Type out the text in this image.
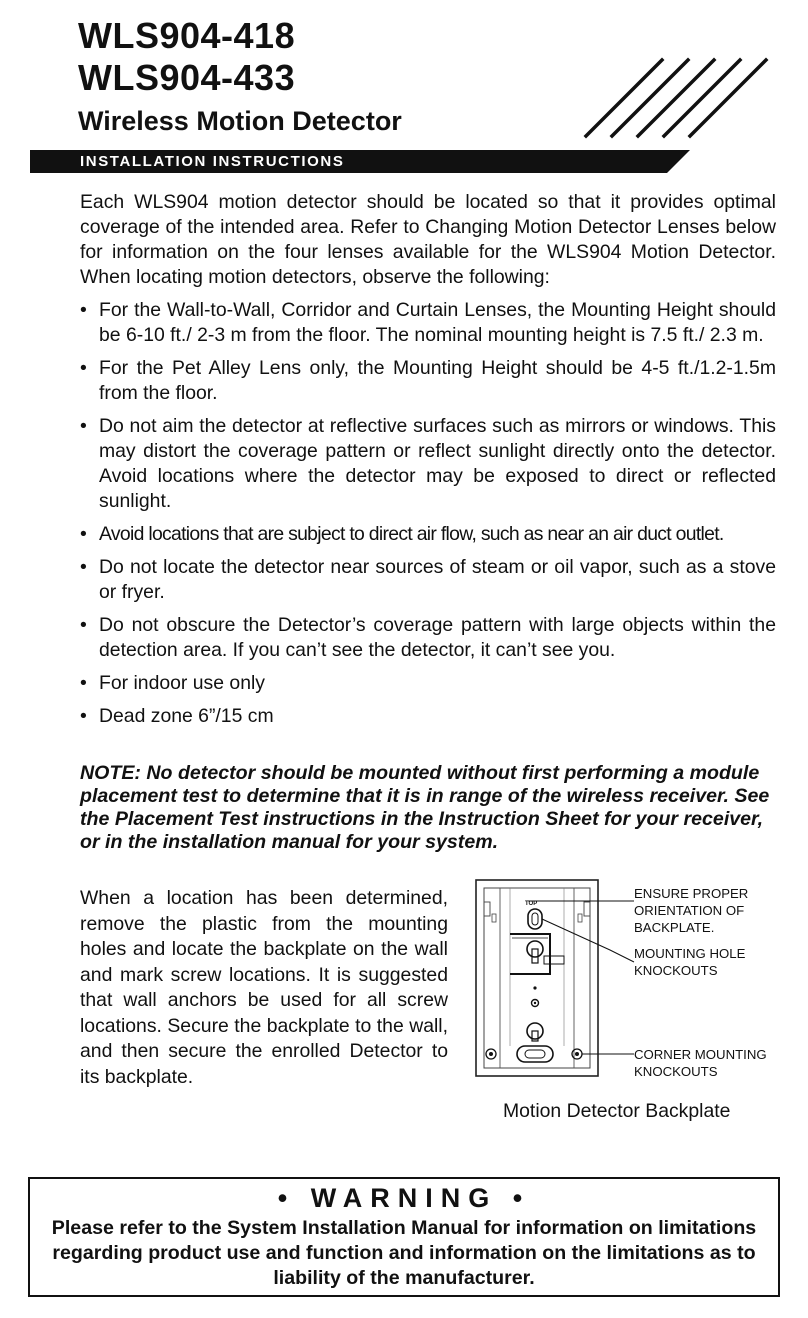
WLS904-418
WLS904-433
Wireless Motion Detector
INSTALLATION INSTRUCTIONS

Each WLS904 motion detector should be located so that it provides optimal coverage of the intended area. Refer to Changing Motion Detector Lenses below for information on the four lenses available for the WLS904 Motion Detector. When locating motion detectors, observe the following:

• For the Wall-to-Wall, Corridor and Curtain Lenses, the Mounting Height should be 6-10 ft./ 2-3 m from the floor. The nominal mounting height is 7.5 ft./ 2.3 m.
• For the Pet Alley Lens only, the Mounting Height should be 4-5 ft./1.2-1.5m from the floor.
• Do not aim the detector at reflective surfaces such as mirrors or windows. This may distort the coverage pattern or reflect sunlight directly onto the detector. Avoid locations where the detector may be exposed to direct or reflected sunlight.
• Avoid locations that are subject to direct air flow, such as near an air duct outlet.
• Do not locate the detector near sources of steam or oil vapor, such as a stove or fryer.
• Do not obscure the Detector’s coverage pattern with large objects within the detection area. If you can’t see the detector, it can’t see you.
• For indoor use only
• Dead zone 6”/15 cm
NOTE: No detector should be mounted without first performing a module placement test to determine that it is in range of the wireless receiver. See the Placement Test instructions in the Instruction Sheet for your receiver, or in the installation manual for your system.

When a location has been determined, remove the plastic from the mounting holes and locate the backplate on the wall and mark screw locations. It is suggested that wall anchors be used for all screw locations. Secure the backplate to the wall, and then secure the enrolled Detector to its backplate.

TOP
ENSURE PROPER ORIENTATION OF BACKPLATE.
MOUNTING HOLE KNOCKOUTS
CORNER MOUNTING KNOCKOUTS
Motion Detector Backplate
• WARNING •
Please refer to the System Installation Manual for information on limitations regarding product use and function and information on the limitations as to liability of the manufacturer.
